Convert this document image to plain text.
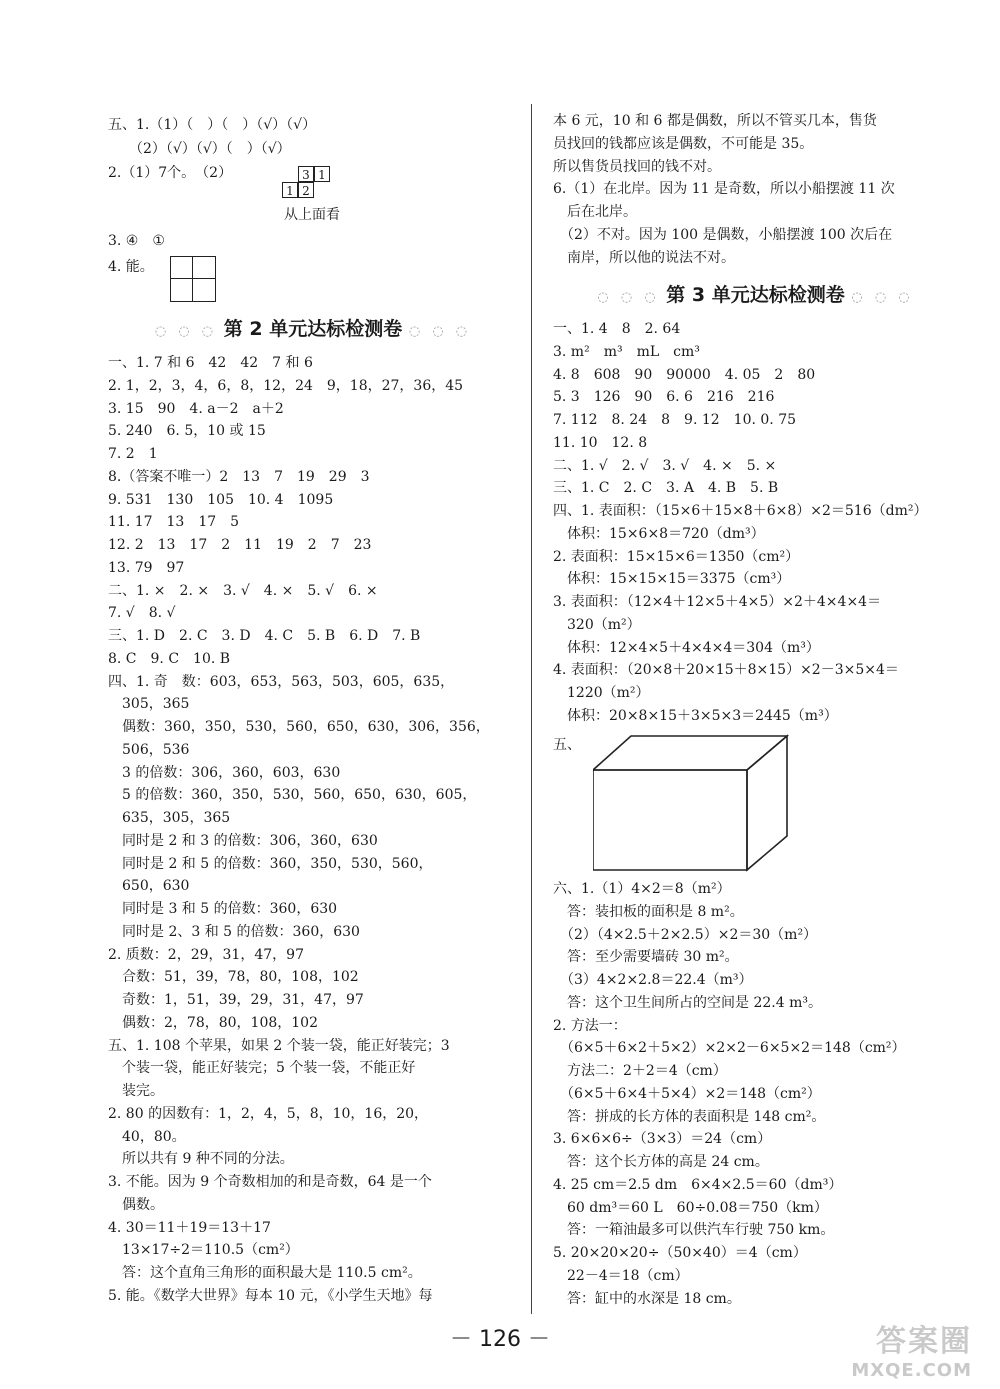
五、1.（1）（　）（　）（√）（√）
　　（2）（√）（√）（　）（√）
2.（1）7个。　（2）	3 1
1 2
从上面看
3. ④　①
4. 能。
◌ ◌ ◌ 第 2 单元达标检测卷 ◌ ◌ ◌
一、1. 7 和 6　42　42　7 和 6
2. 1，2，3，4，6，8，12，24　9，18，27，36，45
3. 15　90　4. a－2　a＋2
5. 240　6. 5，10 或 15
7. 2　1
8.（答案不唯一）2　13　7　19　29　3
9. 531　130　105　10. 4　1095
11. 17　13　17　5
12. 2　13　17　2　11　19　2　7　23
13. 79　97
二、1. ×　2. ×　3. √　4. ×　5. √　6. ×
7. √　8. √
三、1. D　2. C　3. D　4. C　5. B　6. D　7. B
8. C　9. C　10. B
四、1. 奇　数：603，653，563，503，605，635，
　305，365
　偶数：360，350，530，560，650，630，306，356，
　506，536
　3 的倍数：306，360，603，630
　5 的倍数：360，350，530，560，650，630，605，
　635，305，365
　同时是 2 和 3 的倍数：306，360，630
　同时是 2 和 5 的倍数：360，350，530，560，
　650，630
　同时是 3 和 5 的倍数：360，630
　同时是 2、3 和 5 的倍数：360，630
2. 质数：2，29，31，47，97
　合数：51，39，78，80，108，102
　奇数：1，51，39，29，31，47，97
　偶数：2，78，80，108，102
五、1. 108 个苹果，如果 2 个装一袋，能正好装完；3
　个装一袋，能正好装完；5 个装一袋，不能正好
　装完。
2. 80 的因数有：1，2，4，5，8，10，16，20，
　40，80。
　所以共有 9 种不同的分法。
3. 不能。因为 9 个奇数相加的和是奇数，64 是一个
　偶数。
4. 30＝11＋19＝13＋17
　13×17÷2＝110.5（cm²）
　答：这个直角三角形的面积最大是 110.5 cm²。
5. 能。《数学大世界》每本 10 元，《小学生天地》每
本 6 元，10 和 6 都是偶数，所以不管买几本，售货
员找回的钱都应该是偶数，不可能是 35。
所以售货员找回的钱不对。
6.（1）在北岸。因为 11 是奇数，所以小船摆渡 11 次
　后在北岸。
　（2）不对。因为 100 是偶数，小船摆渡 100 次后在
　南岸，所以他的说法不对。
◌ ◌ ◌ 第 3 单元达标检测卷 ◌ ◌ ◌
一、1. 4　8　2. 64
3. m²　m³　mL　cm³
4. 8　608　90　90000　4. 05　2　80
5. 3　126　90　6. 6　216　216
7. 112　8. 24　8　9. 12　10. 0. 75
11. 10　12. 8
二、1. √　2. √　3. √　4. ×　5. ×
三、1. C　2. C　3. A　4. B　5. B
四、1. 表面积：（15×6＋15×8＋6×8）×2＝516（dm²）
　体积：15×6×8＝720（dm³）
2. 表面积：15×15×6＝1350（cm²）
　体积：15×15×15＝3375（cm³）
3. 表面积：（12×4＋12×5＋4×5）×2＋4×4×4＝
　320（m²）
　体积：12×4×5＋4×4×4＝304（m³）
4. 表面积：（20×8＋20×15＋8×15）×2－3×5×4＝
　1220（m²）
　体积：20×8×15＋3×5×3＝2445（m³）
五、
六、1.（1）4×2＝8（m²）
　答：装扣板的面积是 8 m²。
　（2）（4×2.5＋2×2.5）×2＝30（m²）
　答：至少需要墙砖 30 m²。
　（3）4×2×2.8＝22.4（m³）
　答：这个卫生间所占的空间是 22.4 m³。
2. 方法一：
　（6×5＋6×2＋5×2）×2×2－6×5×2＝148（cm²）
　方法二：2＋2＝4（cm）
　（6×5＋6×4＋5×4）×2＝148（cm²）
　答：拼成的长方体的表面积是 148 cm²。
3. 6×6×6÷（3×3）＝24（cm）
　答：这个长方体的高是 24 cm。
4. 25 cm＝2.5 dm　6×4×2.5＝60（dm³）
　60 dm³＝60 L　60÷0.08＝750（km）
　答：一箱油最多可以供汽车行驶 750 km。
5. 20×20×20÷（50×40）＝4（cm）
　22－4＝18（cm）
　答：缸中的水深是 18 cm。
－ 126 －	答案圈
MXQE.COM
